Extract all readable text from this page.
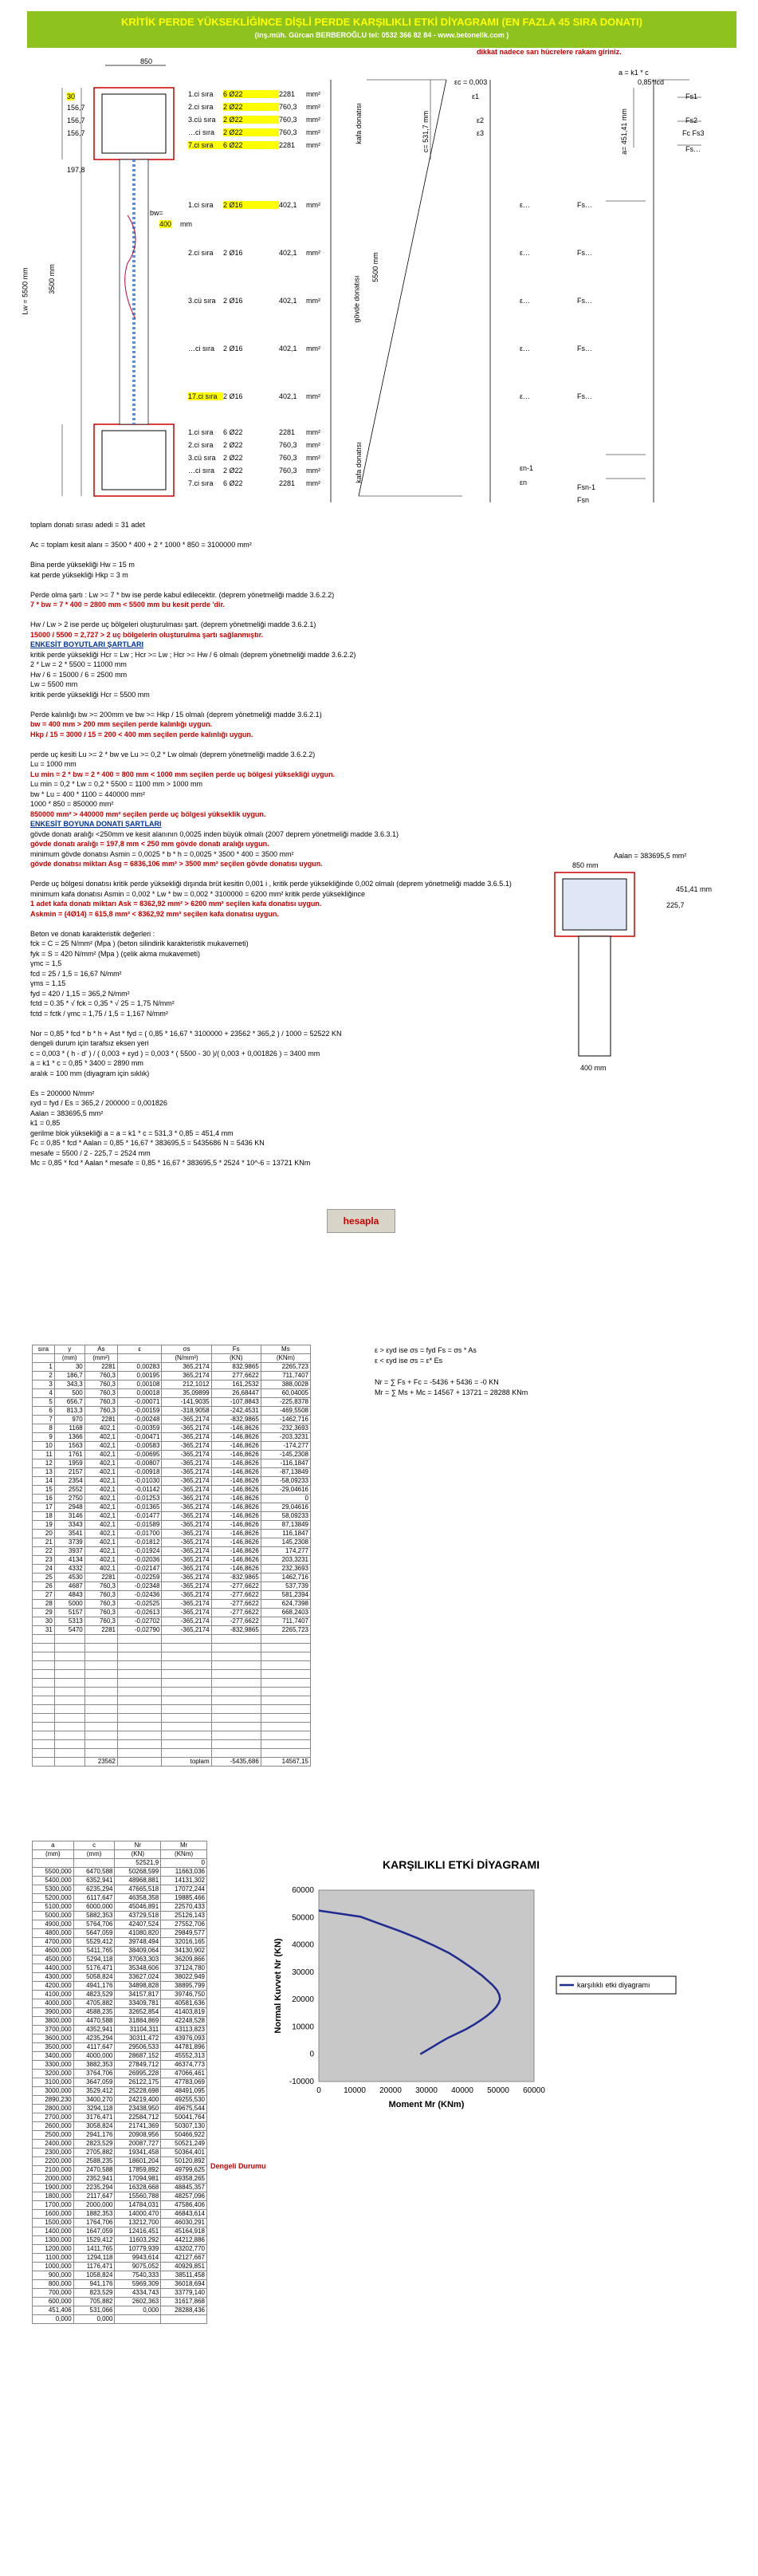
KRİTİK PERDE YÜKSEKLİĞİNCE DİŞLİ PERDE KARŞILIKLI ETKİ DİYAGRAMI (EN FAZLA 45 SIRA DONATI)
(inş.müh. Gürcan BERBEROĞLU tel: 0532 366 82 84 - www.betonelik.com )
dikkat nadece sarı hücrelere rakam giriniz.
850
30
156,7
156,7
156,7
197,8
Lw = 5500 mm	3500 mm
bw=
400 mm
1.ci sıra 6 Ø22	2281 mm²
2.ci sıra 2 Ø22	760,3 mm²
3.cü sıra 2 Ø22	760,3 mm²
…ci sıra 2 Ø22	760,3 mm²
7.ci sıra 6 Ø22	2281 mm²
1.ci sıra 2 Ø16	402,1 mm²
2.ci sıra 2 Ø16	402,1 mm²
3.cü sıra 2 Ø16	402,1 mm²
…ci sıra 2 Ø16	402,1 mm²
17.ci sıra 2 Ø16	402,1 mm²
1.ci sıra 6 Ø22	2281 mm²
2.ci sıra 2 Ø22	760,3 mm²
3.cü sıra 2 Ø22	760,3 mm²
…ci sıra 2 Ø22	760,3 mm²
7.ci sıra 6 Ø22	2281 mm²
kafa donatısı
gövde donatısı
kafa donatısı
εc = 0,003
a = k1 * c
0,85*fcd
ε1
ε2
ε3
c= 531,7 mm	a= 451,41 mm
5500 mm
Fs1
Fs2
Fc Fs3
Fs…
ε…	Fs…
ε…	Fs…
ε…	Fs…
ε…	Fs…
ε…	Fs…
εn-1
εn
Fsn-1
Fsn
toplam donatı sırası adedi = 31 adet
Ac = toplam kesit alanı = 3500 * 400 + 2 * 1000 * 850 = 3100000 mm²
Bina perde yüksekliği Hw = 15 m
kat perde yüksekliği Hkp = 3 m
Perde olma şartı : Lw >= 7 * bw ise perde kabul edilecektir. (deprem yönetmeliği madde 3.6.2.2)
7 * bw = 7 * 400 = 2800 mm < 5500 mm bu kesit perde 'dir.
Hw / Lw > 2 ise perde uç bölgeleri oluşturulması şart. (deprem yönetmeliği madde 3.6.2.1)
15000 / 5500 = 2,727 > 2 uç bölgelerin oluşturulma şartı sağlanmıştır.
ENKESİT BOYUTLARI ŞARTLARI
kritik perde yüksekliği Hcr = Lw ; Hcr >= Lw ; Hcr >= Hw / 6 olmalı (deprem yönetmeliği madde 3.6.2.2)
2 * Lw = 2 * 5500 = 11000 mm
Hw / 6 = 15000 / 6 = 2500 mm
Lw = 5500 mm
kritik perde yüksekliği Hcr = 5500 mm
Perde kalınlığı bw >= 200mm ve bw >= Hkp / 15 olmalı (deprem yönetmeliği madde 3.6.2.1)
bw = 400 mm > 200 mm seçilen perde kalınlığı uygun.
Hkp / 15 = 3000 / 15 = 200 < 400 mm seçilen perde kalınlığı uygun.
perde uç kesiti Lu >= 2 * bw ve Lu >= 0,2 * Lw olmalı (deprem yönetmeliği madde 3.6.2.2)
Lu = 1000 mm
Lu min = 2 * bw = 2 * 400 = 800 mm < 1000 mm seçilen perde uç bölgesi yüksekliği uygun.
Lu min = 0,2 * Lw = 0,2 * 5500 = 1100 mm > 1000 mm
bw * Lu = 400 * 1100 = 440000 mm²
1000 * 850 = 850000 mm²
850000 mm² > 440000 mm² seçilen perde uç bölgesi yükseklik uygun.
ENKESİT BOYUNA DONATI ŞARTLARI
gövde donatı aralığı <250mm ve kesit alanının 0,0025 inden büyük olmalı (2007 deprem yönetmeliği madde 3.6.3.1)
gövde donatı aralığı = 197,8 mm < 250 mm gövde donatı aralığı uygun.
minimum gövde donatısı Asmin = 0,0025 * b * h = 0,0025 * 3500 * 400 = 3500 mm²
gövde donatısı miktarı Asg = 6836,106 mm² > 3500 mm² seçilen gövde donatısı uygun.
Perde uç bölgesi donatısı kritik perde yüksekliği dışında brüt kesitin 0,001 i , kritik perde yüksekliğinde 0,002 olmalı (deprem yönetmeliği madde 3.6.5.1)
minimum kafa donatısı Asmin = 0,002 * Lw * bw = 0,002 * 3100000 = 6200 mm² kritik perde yüksekliğince
1 adet kafa donatı miktarı Ask = 8362,92 mm² > 6200 mm² seçilen kafa donatısı uygun.
Askmin = (4Ø14) = 615,8 mm² < 8362,92 mm² seçilen kafa donatısı uygun.
Beton ve donatı karakteristik değerleri :
fck = C = 25 N/mm² (Mpa ) (beton silindirik karakteristik mukavemeti)
fyk = S = 420 N/mm² (Mpa ) (çelik akma mukavemeti)
γmc = 1,5
fcd = 25 / 1,5 = 16,67 N/mm²
γms = 1,15
fyd = 420 / 1,15 = 365,2 N/mm²
fctd = 0.35 * √ fck = 0,35 * √ 25 = 1,75 N/mm²
fctd = fctk / γmc = 1,75 / 1,5 = 1,167 N/mm²
Nor = 0,85 * fcd * b * h + Ast * fyd = ( 0,85 * 16,67 * 3100000 + 23562 * 365,2 ) / 1000 = 52522 KN
dengeli durum için tarafsız eksen yeri
c = 0,003 * ( h - d' ) / ( 0,003 + εyd ) = 0,003 * ( 5500 - 30 )/( 0,003 + 0,001826 ) = 3400 mm
a = k1 * c = 0,85 * 3400 = 2890 mm
aralık = 100 mm (diyagram için sıklık)
Es = 200000 N/mm²
εyd = fyd / Es = 365,2 / 200000 = 0,001826
Aalan = 383695,5 mm²
k1 = 0,85
gerilme blok yüksekliği a = a = k1 * c = 531,3 * 0,85 = 451,4 mm
Fc = 0,85 * fcd * Aalan = 0,85 * 16,67 * 383695,5 = 5435686 N = 5436 KN
mesafe = 5500 / 2 - 225,7 = 2524 mm
Mc = 0,85 * fcd * Aalan * mesafe = 0,85 * 16,67 * 383695,5 * 2524 * 10^-6 = 13721 KNm
hesapla
Aalan = 383695,5 mm²
850 mm
225,7
451,41 mm
400 mm
ε > εyd ise σs = fyd Fs = σs * As
ε < εyd ise σs = ε* Es
Nr = ∑ Fs + Fc = -5436 + 5436 = -0 KN
Mr = ∑ Ms + Mc = 14567 + 13721 = 28288 KNm
sıra	y	As	ε	σs	Fs	Ms
	(mm)	(mm²)		(N/mm²)	(KN)	(KNm)
1	30	2281	0,00283	365,2174	832,9865	2265,723
2	186,7	760,3	0,00195	365,2174	277,6622	711,7407
3	343,3	760,3	0,00108	212,1012	161,2532	388,0028
4	500	760,3	0,00018	35,09899	26,68447	60,04005
5	656,7	760,3	-0,00071	-141,9035	-107,8843	-225,8378
6	813,3	760,3	-0,00159	-318,9058	-242,4531	-469,5508
7	970	2281	-0,00248	-365,2174	-832,9865	-1462,716
8	1168	402,1	-0,00359	-365,2174	-146,8626	-232,3693
9	1366	402,1	-0,00471	-365,2174	-146,8626	-203,3231
10	1563	402,1	-0,00583	-365,2174	-146,8626	-174,277
11	1761	402,1	-0,00695	-365,2174	-146,8626	-145,2308
12	1959	402,1	-0,00807	-365,2174	-146,8626	-116,1847
13	2157	402,1	-0,00918	-365,2174	-146,8626	-87,13849
14	2354	402,1	-0,01030	-365,2174	-146,8626	-58,09233
15	2552	402,1	-0,01142	-365,2174	-146,8626	-29,04616
16	2750	402,1	-0,01253	-365,2174	-146,8626	0
17	2948	402,1	-0,01365	-365,2174	-146,8626	29,04616
18	3146	402,1	-0,01477	-365,2174	-146,8626	58,09233
19	3343	402,1	-0,01589	-365,2174	-146,8626	87,13849
20	3541	402,1	-0,01700	-365,2174	-146,8626	116,1847
21	3739	402,1	-0,01812	-365,2174	-146,8626	145,2308
22	3937	402,1	-0,01924	-365,2174	-146,8626	174,277
23	4134	402,1	-0,02036	-365,2174	-146,8626	203,3231
24	4332	402,1	-0,02147	-365,2174	-146,8626	232,3693
25	4530	2281	-0,02259	-365,2174	-832,9865	1462,716
26	4687	760,3	-0,02348	-365,2174	-277,6622	537,739
27	4843	760,3	-0,02436	-365,2174	-277,6622	581,2394
28	5000	760,3	-0,02525	-365,2174	-277,6622	624,7398
29	5157	760,3	-0,02613	-365,2174	-277,6622	668,2403
30	5313	760,3	-0,02702	-365,2174	-277,6622	711,7407
31	5470	2281	-0,02790	-365,2174	-832,9865	2265,723

		23562		toplam	-5435,686	14567,15
a	c	Nr	Mr
(mm)	(mm)	(KN)	(KNm)
		52521,9	0
5500,000	6470,588	50268,599	11663,036
5400,000	6352,941	48968,881	14131,302
5300,000	6235,294	47665,518	17072,244
5200,000	6117,647	46358,358	19885,466
5100,000	6000,000	45046,891	22570,433
5000,000	5882,353	43729,518	25126,143
4900,000	5764,706	42407,524	27552,706
4800,000	5647,059	41080,820	29849,577
4700,000	5529,412	39748,494	32016,165
4600,000	5411,765	38409,064	34130,902
4500,000	5294,118	37063,303	36209,866
4400,000	5176,471	35348,606	37124,780
4300,000	5058,824	33627,024	38022,949
4200,000	4941,176	34898,828	38895,799
4100,000	4823,529	34157,817	39746,750
4000,000	4705,882	33409,781	40581,636
3900,000	4588,235	32652,854	41403,819
3800,000	4470,588	31884,869	42248,528
3700,000	4352,941	31104,311	43113,823
3600,000	4235,294	30311,472	43976,093
3500,000	4117,647	29506,533	44781,896
3400,000	4000,000	28687,152	45552,313
3300,000	3882,353	27849,712	46374,773
3200,000	3764,706	26995,228	47066,461
3100,000	3647,059	26122,175	47783,069
3000,000	3529,412	25228,698	48491,095
2890,230	3400,270	24219,400	49255,530
2800,000	3294,118	23438,950	49675,544
2700,000	3176,471	22584,712	50041,764
2600,000	3058,824	21741,369	50307,130
2500,000	2941,176	20908,956	50466,922
2400,000	2823,529	20087,727	50521,249
2300,000	2705,882	19341,458	50364,401
2200,000	2588,235	18601,204	50120,892
2100,000	2470,588	17859,892	49799,625
2000,000	2352,941	17094,981	49358,265
1900,000	2235,294	16328,668	48845,357
1800,000	2117,647	15560,788	48257,096
1700,000	2000,000	14784,031	47586,406
1600,000	1882,353	14000,470	46843,614
1500,000	1764,706	13212,700	46030,291
1400,000	1647,059	12416,451	45164,918
1300,000	1529,412	11603,292	44212,886
1200,000	1411,765	10779,939	43202,770
1100,000	1294,118	9943,614	42127,667
1000,000	1176,471	9075,052	40929,851
900,000	1058,824	7540,333	38511,458
800,000	941,176	5969,309	36018,694
700,000	823,529	4334,743	33779,140
600,000	705,882	2602,363	31617,868
451,406	531,066	0,000	28288,436
0,000	0,000		
Dengeli Durumu
KARŞILIKLI ETKİ DİYAGRAMI
-10000
0
10000
20000
30000
40000
50000
60000
0	10000 20000 30000 40000 50000 60000
Moment Mr (KNm)
Normal Kuvvet Nr (KN)	karşılıklı etki diyagramı
